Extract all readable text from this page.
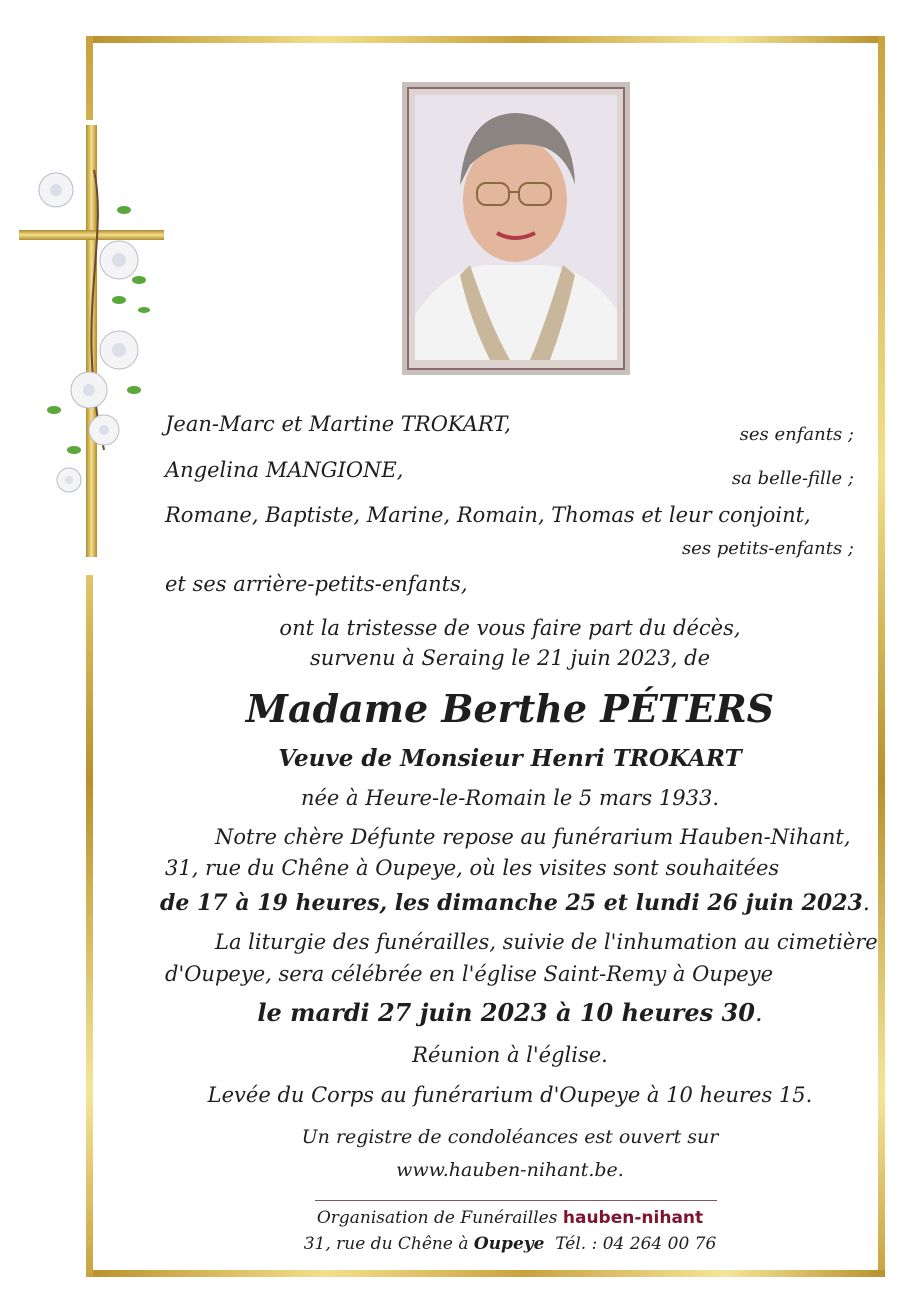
Jean-Marc et Martine TROKART,	ses enfants ;
Angelina MANGIONE,	sa belle-fille ;
Romane, Baptiste, Marine, Romain, Thomas et leur conjoint,
ses petits-enfants ;
et ses arrière-petits-enfants,
ont la tristesse de vous faire part du décès,
survenu à Seraing le 21 juin 2023, de
Madame Berthe PÉTERS
Veuve de Monsieur Henri TROKART
née à Heure-le-Romain le 5 mars 1933.
Notre chère Défunte repose au funérarium Hauben-Nihant,
31, rue du Chêne à Oupeye, où les visites sont souhaitées
de 17 à 19 heures, les dimanche 25 et lundi 26 juin 2023.
La liturgie des funérailles, suivie de l'inhumation au cimetière
d'Oupeye, sera célébrée en l'église Saint-Remy à Oupeye
le mardi 27 juin 2023 à 10 heures 30.
Réunion à l'église.
Levée du Corps au funérarium d'Oupeye à 10 heures 15.
Un registre de condoléances est ouvert sur
www.hauben-nihant.be.
Organisation de Funérailles hauben-nihant
31, rue du Chêne à Oupeye Tél. : 04 264 00 76
